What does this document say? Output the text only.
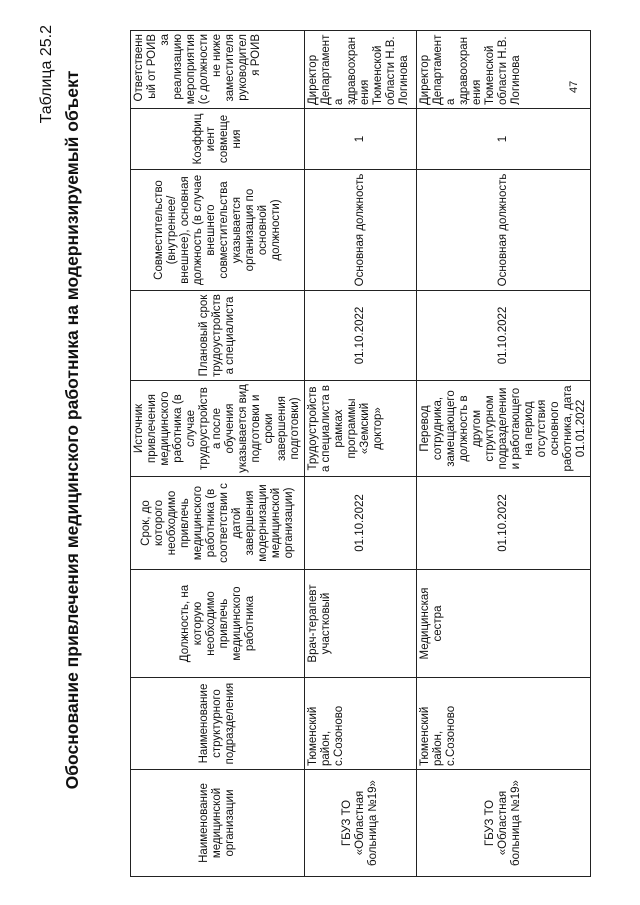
Таблица 25.2 Обоснование привлечения медицинского работника на модернизируемый объект
Наименование медицинской организации	Наименование структурного подразделения	Должность, на которую необходимо привлечь медицинского работника	Срок, до которого необходимо привлечь медицинского работника (в соответствии с датой завершения модернизации медицинской организации)	Источник привлечения медицинского работника (в случае трудоустройства после обучения указывается вид подготовки и сроки завершения подготовки)	Плановый срок трудоустройства специалиста	Совместительство (внутреннее/внешнее), основная должность (в случае внешнего совместительства указывается организация по основной должности)	Коэффициент совмещения	Ответственный от РОИВ за реализацию мероприятия (с должности не ниже заместителя руководителя РОИВ
ГБУЗ ТО «Областная больница №19»	Тюменский район, с.Созоново	Врач-терапевт участковый	01.10.2022	Трудоустройства специалиста в рамках программы «Земский доктор»	01.10.2022	Основная должность	1	Директор Департамента здравоохранения Тюменской области Н.В. Логинова
ГБУЗ ТО «Областная больница №19»	Тюменский район, с.Созоново	Медицинская сестра	01.10.2022	Перевод сотрудника, замещающего должность в другом структурном подразделении и работающего на период отсутствия основного работника, дата 01.01.2022	01.10.2022	Основная должность	1	Директор Департамента здравоохранения Тюменской области Н.В. Логинова	47
